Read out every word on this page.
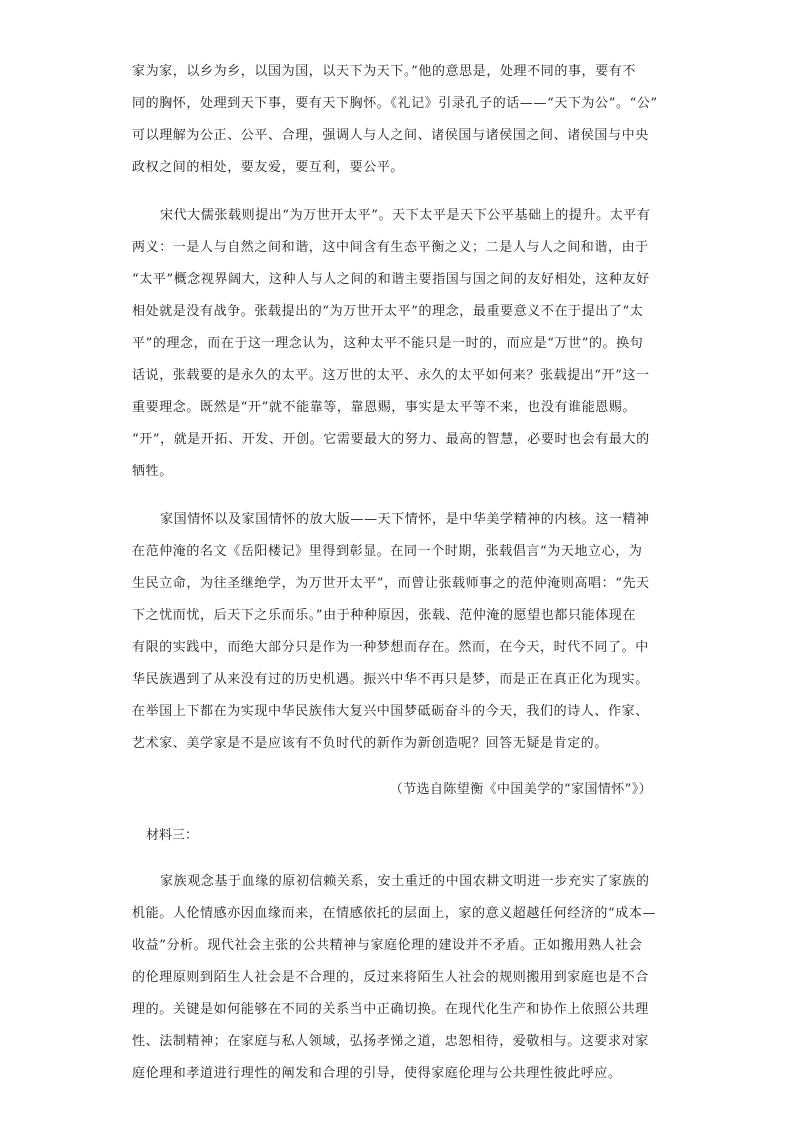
家为家，以乡为乡，以国为国，以天下为天下。”他的意思是，处理不同的事，要有不
同的胸怀，处理到天下事，要有天下胸怀。《礼记》引录孔子的话——“天下为公”。“公”
可以理解为公正、公平、合理，强调人与人之间、诸侯国与诸侯国之间、诸侯国与中央
政权之间的相处，要友爱，要互利，要公平。
宋代大儒张载则提出“为万世开太平”。天下太平是天下公平基础上的提升。太平有
两义：一是人与自然之间和谐，这中间含有生态平衡之义；二是人与人之间和谐，由于
“太平”概念视界阔大，这种人与人之间的和谐主要指国与国之间的友好相处，这种友好
相处就是没有战争。张载提出的“为万世开太平”的理念，最重要意义不在于提出了“太
平”的理念，而在于这一理念认为，这种太平不能只是一时的，而应是“万世”的。换句
话说，张载要的是永久的太平。这万世的太平、永久的太平如何来？张载提出“开”这一
重要理念。既然是“开”就不能靠等，靠恩赐，事实是太平等不来，也没有谁能恩赐。
“开”，就是开拓、开发、开创。它需要最大的努力、最高的智慧，必要时也会有最大的
牺牲。
家国情怀以及家国情怀的放大版——天下情怀，是中华美学精神的内核。这一精神
在范仲淹的名文《岳阳楼记》里得到彰显。在同一个时期，张载倡言“为天地立心，为
生民立命，为往圣继绝学，为万世开太平”，而曾让张载师事之的范仲淹则高唱：“先天
下之忧而忧，后天下之乐而乐。”由于种种原因，张载、范仲淹的愿望也都只能体现在
有限的实践中，而绝大部分只是作为一种梦想而存在。然而，在今天，时代不同了。中
华民族遇到了从来没有过的历史机遇。振兴中华不再只是梦，而是正在真正化为现实。
在举国上下都在为实现中华民族伟大复兴中国梦砥砺奋斗的今天，我们的诗人、作家、
艺术家、美学家是不是应该有不负时代的新作为新创造呢？回答无疑是肯定的。

（节选自陈望衡《中国美学的“家国情怀”》）

材料三：

家族观念基于血缘的原初信赖关系，安土重迁的中国农耕文明进一步充实了家族的
机能。人伦情感亦因血缘而来，在情感依托的层面上，家的意义超越任何经济的“成本—
收益”分析。现代社会主张的公共精神与家庭伦理的建设并不矛盾。正如搬用熟人社会
的伦理原则到陌生人社会是不合理的，反过来将陌生人社会的规则搬用到家庭也是不合
理的。关键是如何能够在不同的关系当中正确切换。在现代化生产和协作上依照公共理
性、法制精神；在家庭与私人领域，弘扬孝悌之道，忠恕相待，爱敬相与。这要求对家
庭伦理和孝道进行理性的阐发和合理的引导，使得家庭伦理与公共理性彼此呼应。
